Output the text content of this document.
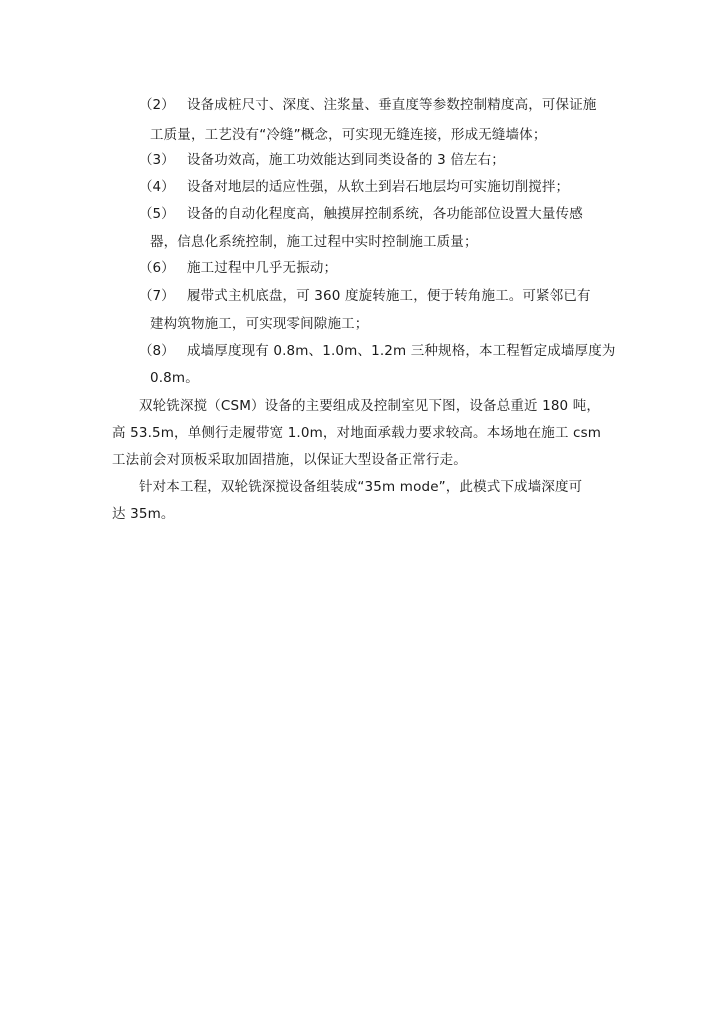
（2） 设备成桩尺寸、深度、注浆量、垂直度等参数控制精度高，可保证施
工质量，工艺没有“冷缝”概念，可实现无缝连接，形成无缝墙体；
（3） 设备功效高，施工功效能达到同类设备的 3 倍左右；
（4） 设备对地层的适应性强，从软土到岩石地层均可实施切削搅拌；
（5） 设备的自动化程度高，触摸屏控制系统，各功能部位设置大量传感
器，信息化系统控制，施工过程中实时控制施工质量；
（6） 施工过程中几乎无振动；
（7） 履带式主机底盘，可 360 度旋转施工，便于转角施工。可紧邻已有
建构筑物施工，可实现零间隙施工；
（8） 成墙厚度现有 0.8m、1.0m、1.2m 三种规格，本工程暂定成墙厚度为
0.8m。
双轮铣深搅（CSM）设备的主要组成及控制室见下图，设备总重近 180 吨，
高 53.5m，单侧行走履带宽 1.0m，对地面承载力要求较高。本场地在施工 csm
工法前会对顶板采取加固措施，以保证大型设备正常行走。
针对本工程，双轮铣深搅设备组装成“35m mode”，此模式下成墙深度可
达 35m。
